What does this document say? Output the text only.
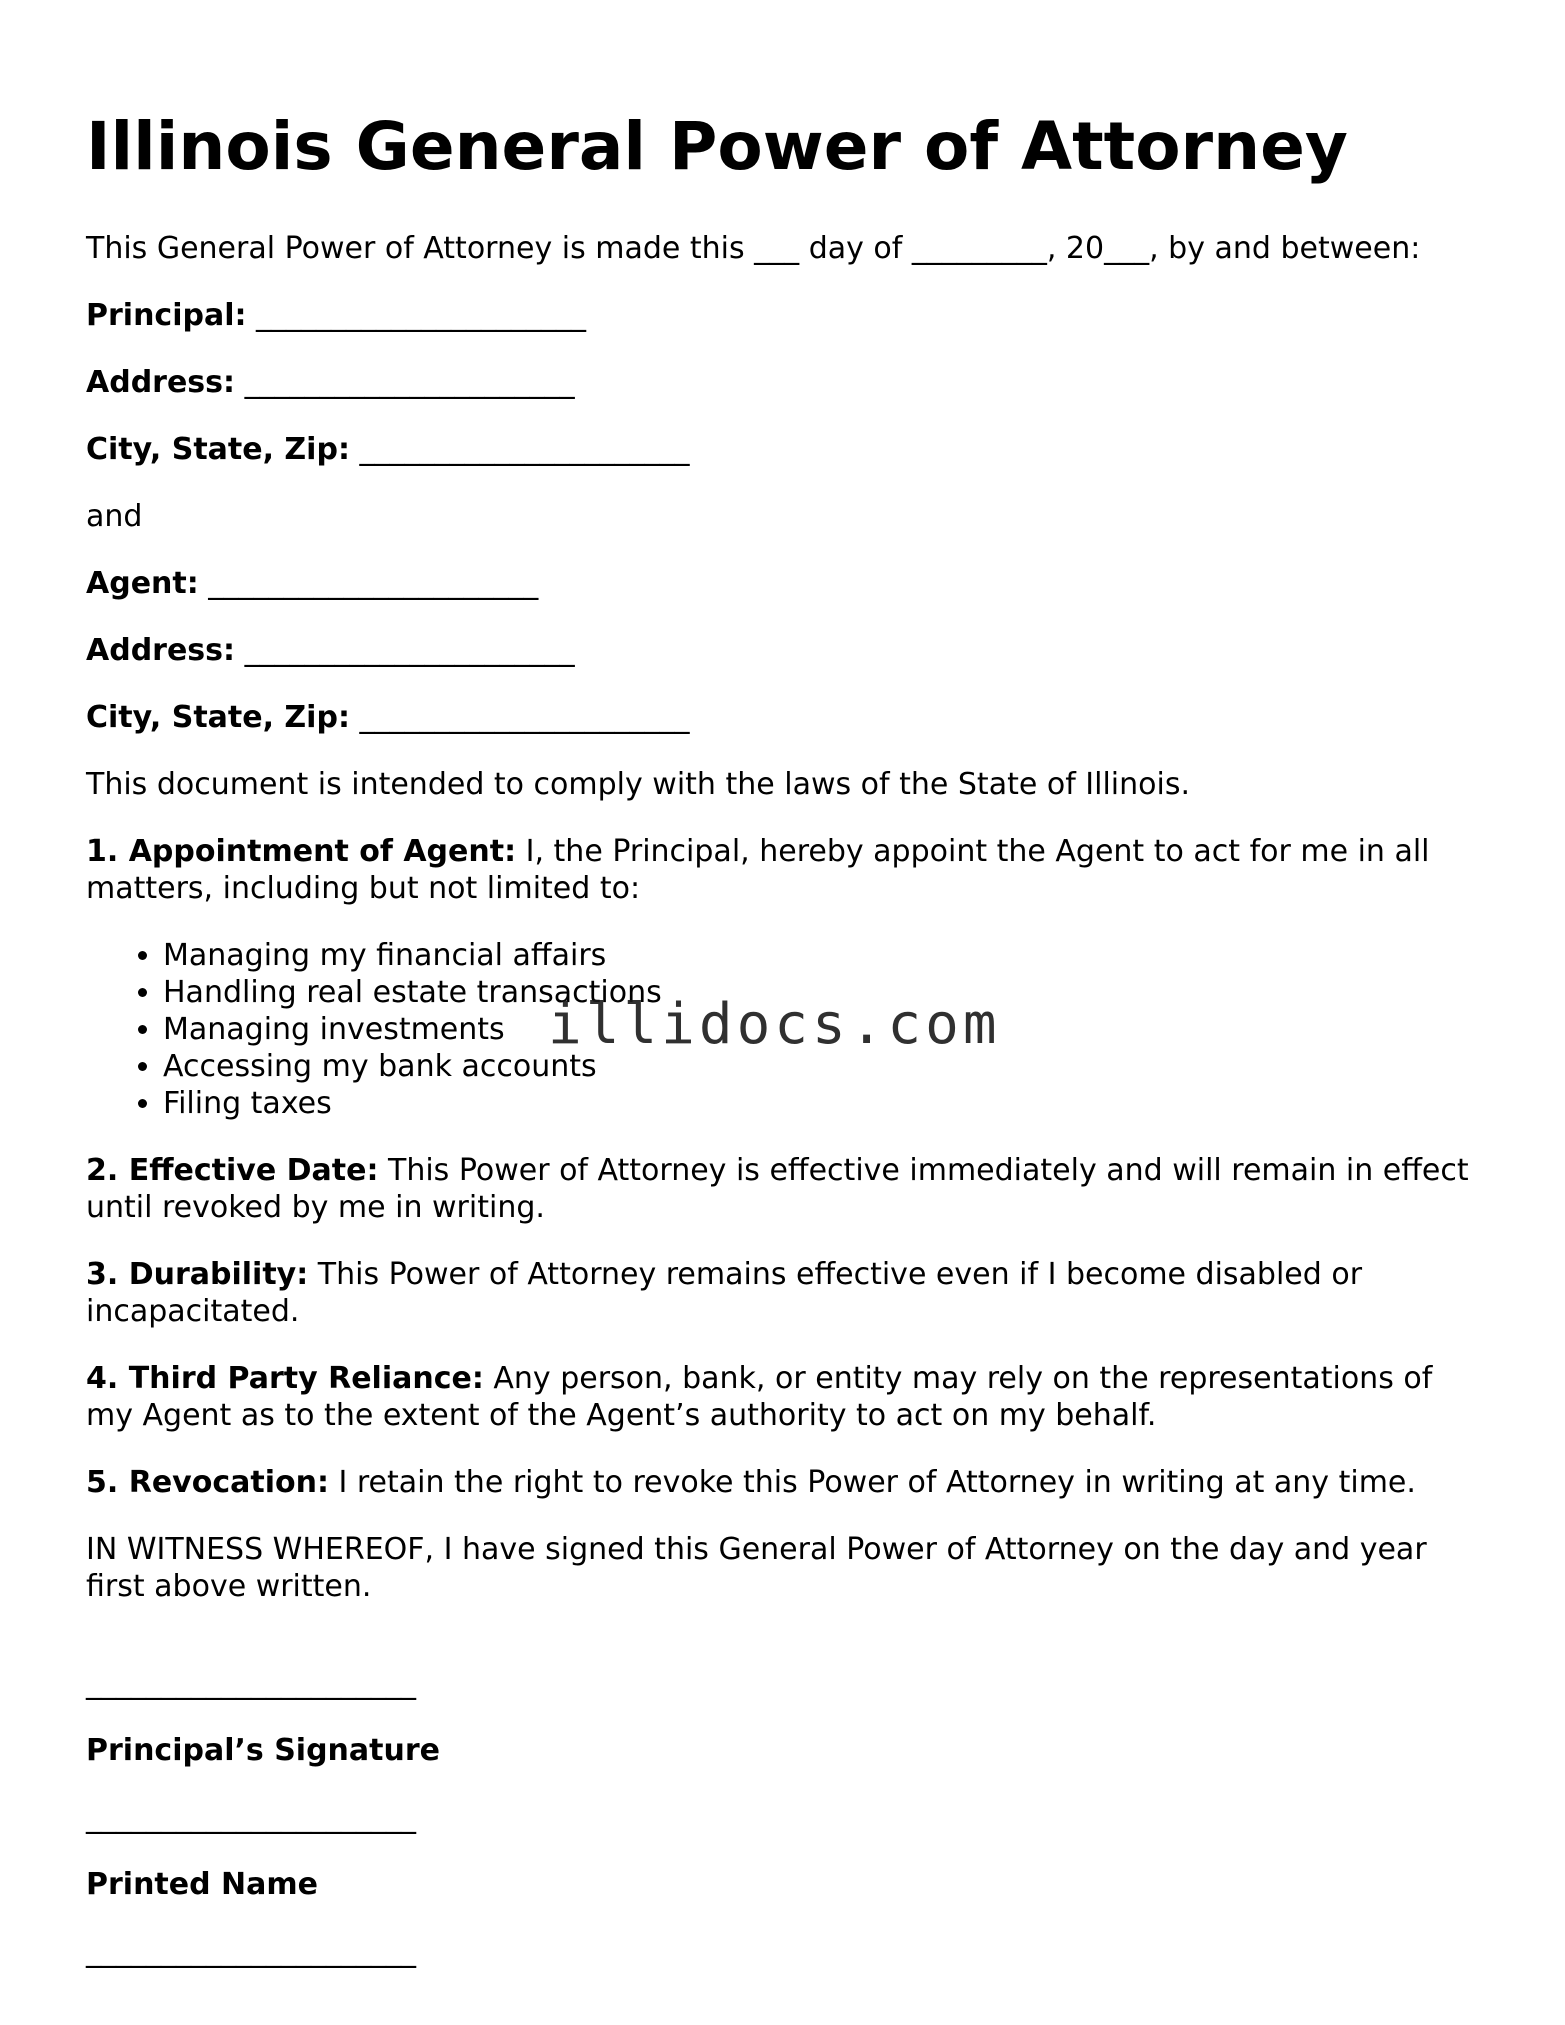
Illinois General Power of Attorney
This General Power of Attorney is made this ___ day of _________, 20___, by and between:
Principal: ______________________
Address: ______________________
City, State, Zip: ______________________
and
Agent: ______________________
Address: ______________________
City, State, Zip: ______________________
This document is intended to comply with the laws of the State of Illinois.
1. Appointment of Agent: I, the Principal, hereby appoint the Agent to act for me in all matters, including but not limited to:
• Managing my financial affairs
• Handling real estate transactions
• Managing investments
• Accessing my bank accounts
• Filing taxes
2. Effective Date: This Power of Attorney is effective immediately and will remain in effect until revoked by me in writing.
3. Durability: This Power of Attorney remains effective even if I become disabled or incapacitated.
4. Third Party Reliance: Any person, bank, or entity may rely on the representations of my Agent as to the extent of the Agent’s authority to act on my behalf.
5. Revocation: I retain the right to revoke this Power of Attorney in writing at any time.
IN WITNESS WHEREOF, I have signed this General Power of Attorney on the day and year first above written.
______________________
Principal’s Signature
______________________
Printed Name
______________________
illidocs.com
